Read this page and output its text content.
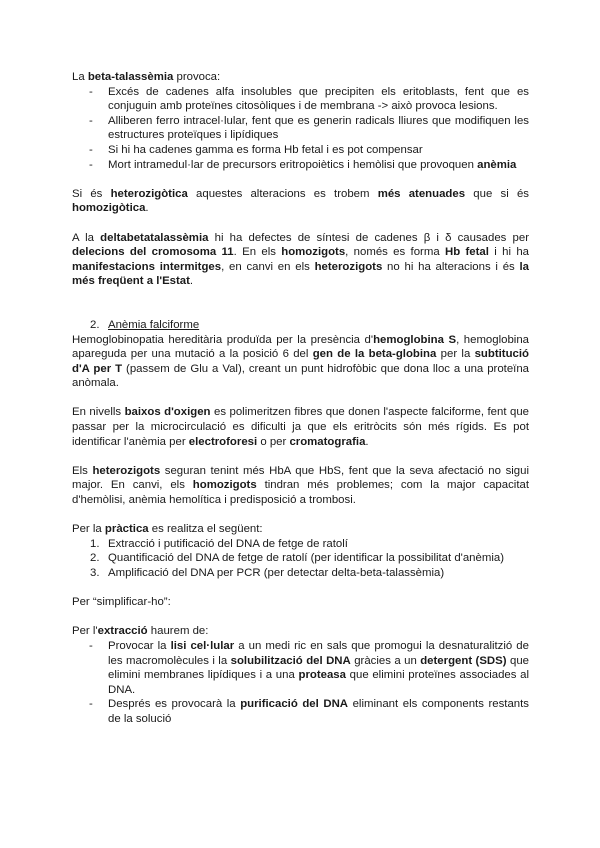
La beta-talassèmia provoca:

- Excés de cadenes alfa insolubles que precipiten els eritoblasts, fent que es conjuguin amb proteïnes citosòliques i de membrana -> això provoca lesions.
- Alliberen ferro intracel·lular, fent que es generin radicals lliures que modifiquen les estructures proteïques i lipídiques
- Si hi ha cadenes gamma es forma Hb fetal i es pot compensar
- Mort intramedul·lar de precursors eritropoiètics i hemòlisi que provoquen anèmia

Si és heterozigòtica aquestes alteracions es trobem més atenuades que si és homozigòtica.

A la deltabetatalassèmia hi ha defectes de síntesi de cadenes β i δ causades per delecions del cromosoma 11. En els homozigots, només es forma Hb fetal i hi ha manifestacions intermitges, en canvi en els heterozigots no hi ha alteracions i és la més freqüent a l'Estat.

2. Anèmia falciforme

Hemoglobinopatia hereditària produïda per la presència d'hemoglobina S, hemoglobina apareguda per una mutació a la posició 6 del gen de la beta-globina per la subtitució d'A per T (passem de Glu a Val), creant un punt hidrofòbic que dona lloc a una proteïna anòmala.

En nivells baixos d'oxigen es polimeritzen fibres que donen l'aspecte falciforme, fent que passar per la microcirculació es dificulti ja que els eritròcits són més rígids. Es pot identificar l'anèmia per electroforesi o per cromatografia.

Els heterozigots seguran tenint més HbA que HbS, fent que la seva afectació no sigui major. En canvi, els homozigots tindran més problemes; com la major capacitat d'hemòlisi, anèmia hemolítica i predisposició a trombosi.

Per la pràctica es realitza el següent:

1. Extracció i putificació del DNA de fetge de ratolí
2. Quantificació del DNA de fetge de ratolí (per identificar la possibilitat d'anèmia)
3. Amplificació del DNA per PCR (per detectar delta-beta-talassèmia)

Per “simplificar-ho”:

Per l'extracció haurem de:

- Provocar la lisi cel·lular a un medi ric en sals que promogui la desnaturalitzió de les macromolècules i la solubilització del DNA gràcies a un detergent (SDS) que elimini membranes lipídiques i a una proteasa que elimini proteïnes associades al DNA.
- Després es provocarà la purificació del DNA eliminant els components restants de la solució
